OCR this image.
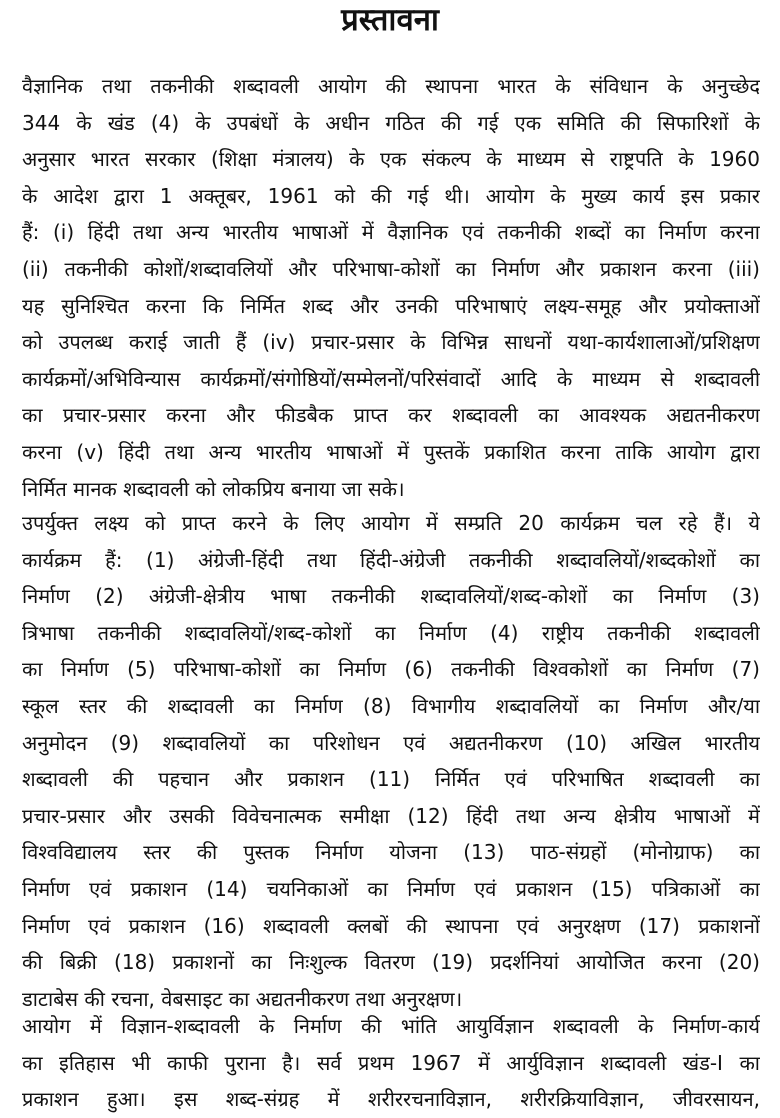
प्रस्तावना
वैज्ञानिक तथा तकनीकी शब्दावली आयोग की स्थापना भारत के संविधान के अनुच्छेद
344 के खंड (4) के उपबंधों के अधीन गठित की गई एक समिति की सिफारिशों के
अनुसार भारत सरकार (शिक्षा मंत्रालय) के एक संकल्प के माध्यम से राष्ट्रपति के 1960
के आदेश द्वारा 1 अक्तूबर, 1961 को की गई थी। आयोग के मुख्य कार्य इस प्रकार
हैं: (i) हिंदी तथा अन्य भारतीय भाषाओं में वैज्ञानिक एवं तकनीकी शब्दों का निर्माण करना
(ii) तकनीकी कोशों/शब्दावलियों और परिभाषा-कोशों का निर्माण और प्रकाशन करना (iii)
यह सुनिश्चित करना कि निर्मित शब्द और उनकी परिभाषाएं लक्ष्य-समूह और प्रयोक्ताओं
को उपलब्ध कराई जाती हैं (iv) प्रचार-प्रसार के विभिन्न साधनों यथा-कार्यशालाओं/प्रशिक्षण
कार्यक्रमों/अभिविन्यास कार्यक्रमों/संगोष्ठियों/सम्मेलनों/परिसंवादों आदि के माध्यम से शब्दावली
का प्रचार-प्रसार करना और फीडबैक प्राप्त कर शब्दावली का आवश्यक अद्यतनीकरण
करना (v) हिंदी तथा अन्य भारतीय भाषाओं में पुस्तकें प्रकाशित करना ताकि आयोग द्वारा
निर्मित मानक शब्दावली को लोकप्रिय बनाया जा सके।
उपर्युक्त लक्ष्य को प्राप्त करने के लिए आयोग में सम्प्रति 20 कार्यक्रम चल रहे हैं। ये
कार्यक्रम हैं: (1) अंग्रेजी-हिंदी तथा हिंदी-अंग्रेजी तकनीकी शब्दावलियों/शब्दकोशों का
निर्माण (2) अंग्रेजी-क्षेत्रीय भाषा तकनीकी शब्दावलियों/शब्द-कोशों का निर्माण (3)
त्रिभाषा तकनीकी शब्दावलियों/शब्द-कोशों का निर्माण (4) राष्ट्रीय तकनीकी शब्दावली
का निर्माण (5) परिभाषा-कोशों का निर्माण (6) तकनीकी विश्वकोशों का निर्माण (7)
स्कूल स्तर की शब्दावली का निर्माण (8) विभागीय शब्दावलियों का निर्माण और/या
अनुमोदन (9) शब्दावलियों का परिशोधन एवं अद्यतनीकरण (10) अखिल भारतीय
शब्दावली की पहचान और प्रकाशन (11) निर्मित एवं परिभाषित शब्दावली का
प्रचार-प्रसार और उसकी विवेचनात्मक समीक्षा (12) हिंदी तथा अन्य क्षेत्रीय भाषाओं में
विश्वविद्यालय स्तर की पुस्तक निर्माण योजना (13) पाठ-संग्रहों (मोनोग्राफ) का
निर्माण एवं प्रकाशन (14) चयनिकाओं का निर्माण एवं प्रकाशन (15) पत्रिकाओं का
निर्माण एवं प्रकाशन (16) शब्दावली क्लबों की स्थापना एवं अनुरक्षण (17) प्रकाशनों
की बिक्री (18) प्रकाशनों का निःशुल्क वितरण (19) प्रदर्शनियां आयोजित करना (20)
डाटाबेस की रचना, वेबसाइट का अद्यतनीकरण तथा अनुरक्षण।
आयोग में विज्ञान-शब्दावली के निर्माण की भांति आयुर्विज्ञान शब्दावली के निर्माण-कार्य
का इतिहास भी काफी पुराना है। सर्व प्रथम 1967 में आर्युविज्ञान शब्दावली खंड-I का
प्रकाशन हुआ। इस शब्द-संग्रह में शरीररचनाविज्ञान, शरीरक्रियाविज्ञान, जीवरसायन,
